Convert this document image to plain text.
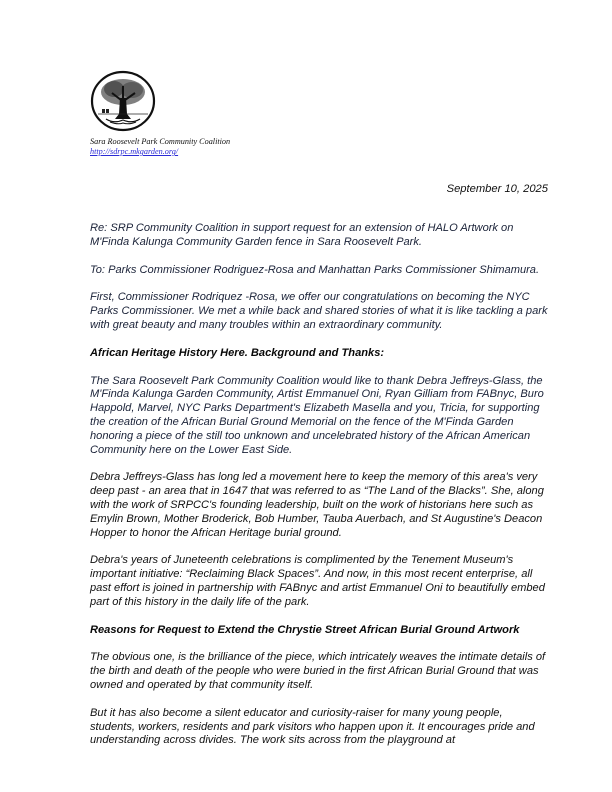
Sara Roosevelt Park Community Coalition
http://sdrpc.mkgarden.org/
September 10, 2025

Re: SRP Community Coalition in support request for an extension of HALO Artwork on M'Finda Kalunga Community Garden fence in Sara Roosevelt Park.

To: Parks Commissioner Rodriguez-Rosa and Manhattan Parks Commissioner Shimamura.

First, Commissioner Rodriquez -Rosa, we offer our congratulations on becoming the NYC Parks Commissioner. We met a while back and shared stories of what it is like tackling a park with great beauty and many troubles within an extraordinary community.

African Heritage History Here. Background and Thanks:

The Sara Roosevelt Park Community Coalition would like to thank Debra Jeffreys-Glass, the M'Finda Kalunga Garden Community, Artist Emmanuel Oni, Ryan Gilliam from FABnyc, Buro Happold, Marvel, NYC Parks Department's Elizabeth Masella and you, Tricia, for supporting the creation of the African Burial Ground Memorial on the fence of the M'Finda Garden honoring a piece of the still too unknown and uncelebrated history of the African American Community here on the Lower East Side.

Debra Jeffreys-Glass has long led a movement here to keep the memory of this area's very deep past - an area that in 1647 that was referred to as “The Land of the Blacks”. She, along with the work of SRPCC's founding leadership, built on the work of historians here such as Emylin Brown, Mother Broderick, Bob Humber, Tauba Auerbach, and St Augustine's Deacon Hopper to honor the African Heritage burial ground.

Debra's years of Juneteenth celebrations is complimented by the Tenement Museum's important initiative: “Reclaiming Black Spaces”. And now, in this most recent enterprise, all past effort is joined in partnership with FABnyc and artist Emmanuel Oni to beautifully embed part of this history in the daily life of the park.

Reasons for Request to Extend the Chrystie Street African Burial Ground Artwork

The obvious one, is the brilliance of the piece, which intricately weaves the intimate details of the birth and death of the people who were buried in the first African Burial Ground that was owned and operated by that community itself.

But it has also become a silent educator and curiosity-raiser for many young people, students, workers, residents and park visitors who happen upon it. It encourages pride and understanding across divides. The work sits across from the playground at
